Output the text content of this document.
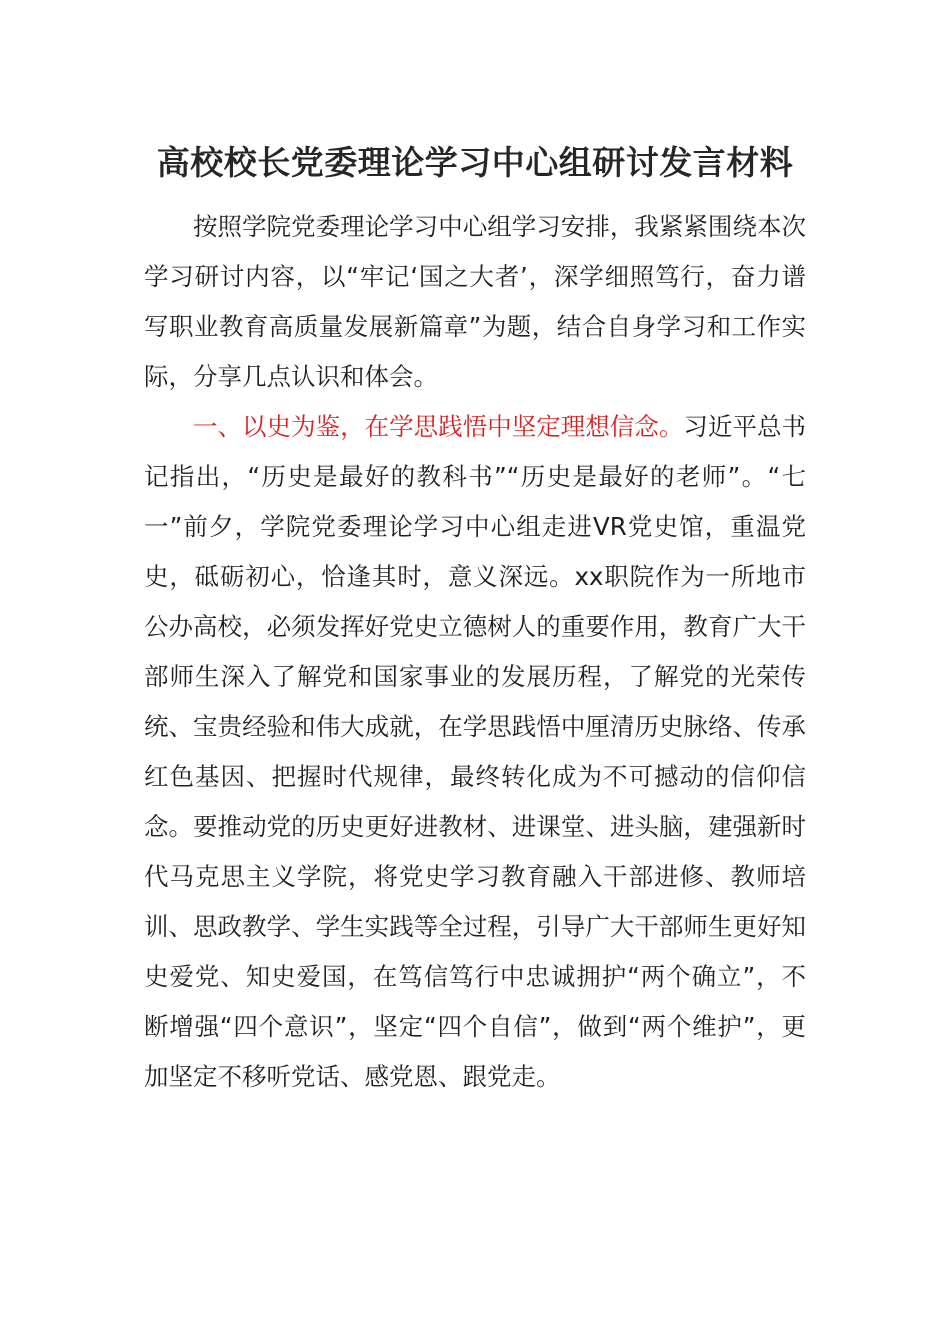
高校校长党委理论学习中心组研讨发言材料

按照学院党委理论学习中心组学习安排，我紧紧围绕本次学习研讨内容，以“牢记‘国之大者’，深学细照笃行，奋力谱写职业教育高质量发展新篇章”为题，结合自身学习和工作实际，分享几点认识和体会。

一、以史为鉴，在学思践悟中坚定理想信念。习近平总书记指出，“历史是最好的教科书”“历史是最好的老师”。“七一”前夕，学院党委理论学习中心组走进VR党史馆，重温党史，砥砺初心，恰逢其时，意义深远。xx职院作为一所地市公办高校，必须发挥好党史立德树人的重要作用，教育广大干部师生深入了解党和国家事业的发展历程，了解党的光荣传统、宝贵经验和伟大成就，在学思践悟中厘清历史脉络、传承红色基因、把握时代规律，最终转化成为不可撼动的信仰信念。要推动党的历史更好进教材、进课堂、进头脑，建强新时代马克思主义学院，将党史学习教育融入干部进修、教师培训、思政教学、学生实践等全过程，引导广大干部师生更好知史爱党、知史爱国，在笃信笃行中忠诚拥护“两个确立”，不断增强“四个意识”，坚定“四个自信”，做到“两个维护”，更加坚定不移听党话、感党恩、跟党走。
